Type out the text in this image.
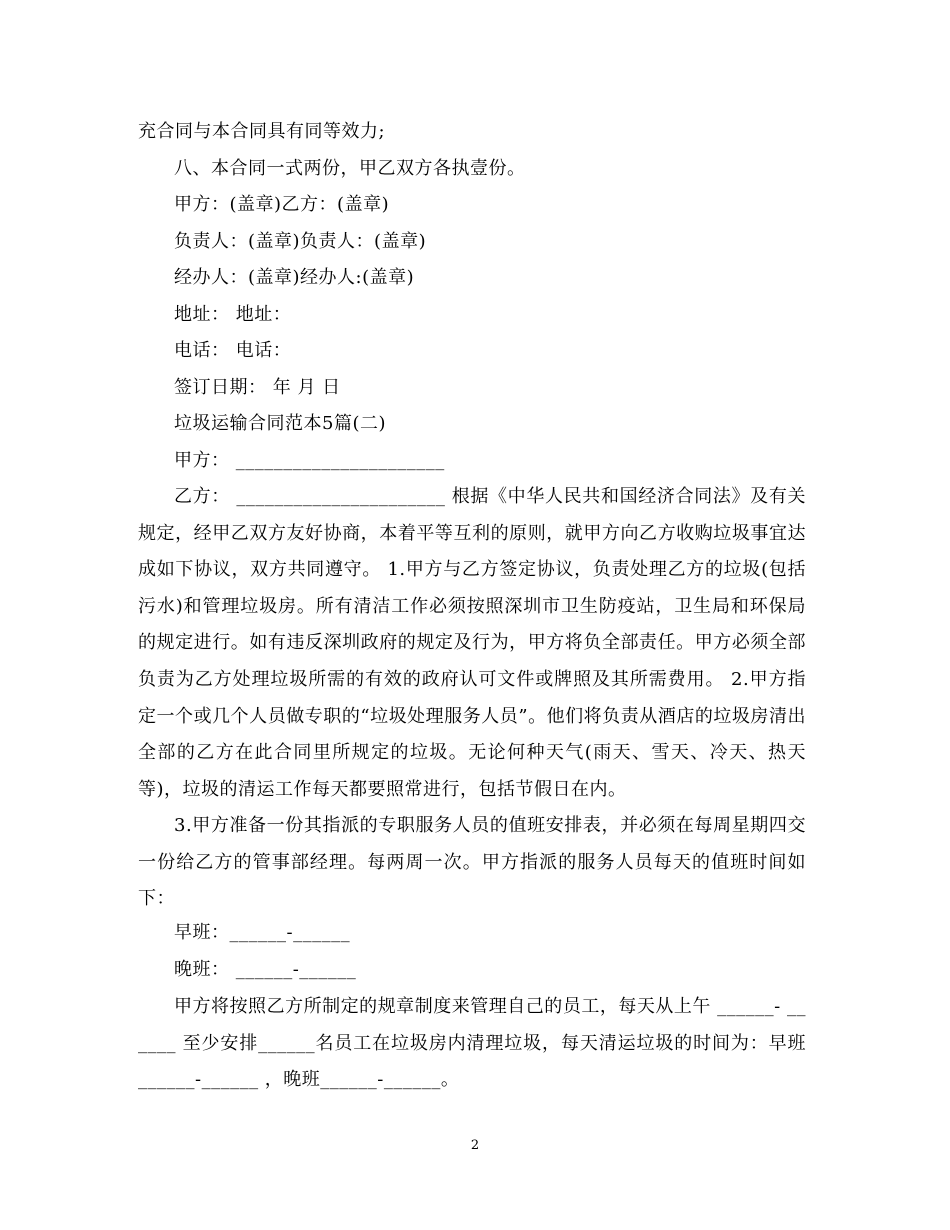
充合同与本合同具有同等效力;
八、本合同一式两份，甲乙双方各执壹份。
甲方：(盖章)乙方：(盖章)
负责人：(盖章)负责人：(盖章)
经办人：(盖章)经办人:(盖章)
地址： 地址：
电话： 电话：
签订日期： 年 月 日
垃圾运输合同范本5篇(二)
甲方： ______________________

乙方： ______________________ 根据《中华人民共和国经济合同法》及有关规定，经甲乙双方友好协商，本着平等互利的原则，就甲方向乙方收购垃圾事宜达成如下协议，双方共同遵守。 1.甲方与乙方签定协议，负责处理乙方的垃圾(包括污水)和管理垃圾房。所有清洁工作必须按照深圳市卫生防疫站，卫生局和环保局的规定进行。如有违反深圳政府的规定及行为，甲方将负全部责任。甲方必须全部负责为乙方处理垃圾所需的有效的政府认可文件或牌照及其所需费用。 2.甲方指定一个或几个人员做专职的“垃圾处理服务人员”。他们将负责从酒店的垃圾房清出全部的乙方在此合同里所规定的垃圾。无论何种天气(雨天、雪天、冷天、热天等)，垃圾的清运工作每天都要照常进行，包括节假日在内。

3.甲方准备一份其指派的专职服务人员的值班安排表，并必须在每周星期四交一份给乙方的管事部经理。每两周一次。甲方指派的服务人员每天的值班时间如下：

早班：______-______
晚班： ______-______

甲方将按照乙方所制定的规章制度来管理自己的员工，每天从上午 ______- ______ 至少安排______名员工在垃圾房内清理垃圾，每天清运垃圾的时间为：早班 ______-______ ，晚班______-______。

2
